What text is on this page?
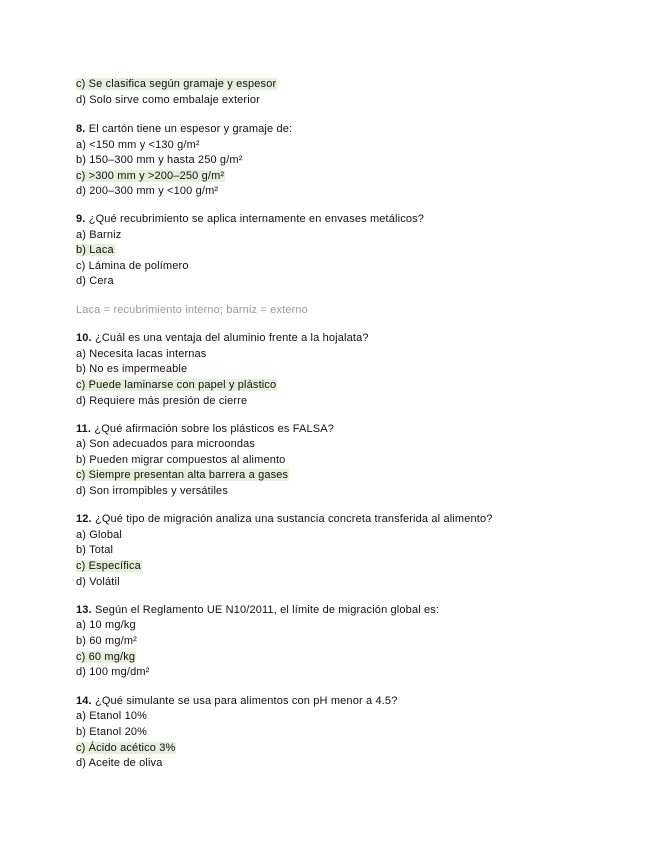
c) Se clasifica según gramaje y espesor
d) Solo sirve como embalaje exterior
8. El cartón tiene un espesor y gramaje de:
a) <150 mm y <130 g/m²
b) 150–300 mm y hasta 250 g/m²
c) >300 mm y >200–250 g/m²
d) 200–300 mm y <100 g/m²
9. ¿Qué recubrimiento se aplica internamente en envases metálicos?
a) Barniz
b) Laca
c) Lámina de polímero
d) Cera
Laca = recubrimiento interno; barniz = externo
10. ¿Cuál es una ventaja del aluminio frente a la hojalata?
a) Necesita lacas internas
b) No es impermeable
c) Puede laminarse con papel y plástico
d) Requiere más presión de cierre
11. ¿Qué afirmación sobre los plásticos es FALSA?
a) Son adecuados para microondas
b) Pueden migrar compuestos al alimento
c) Siempre presentan alta barrera a gases
d) Son irrompibles y versátiles
12. ¿Qué tipo de migración analiza una sustancia concreta transferida al alimento?
a) Global
b) Total
c) Específica
d) Volátil
13. Según el Reglamento UE N10/2011, el límite de migración global es:
a) 10 mg/kg
b) 60 mg/m²
c) 60 mg/kg
d) 100 mg/dm²
14. ¿Qué simulante se usa para alimentos con pH menor a 4.5?
a) Etanol 10%
b) Etanol 20%
c) Ácido acético 3%
d) Aceite de oliva
